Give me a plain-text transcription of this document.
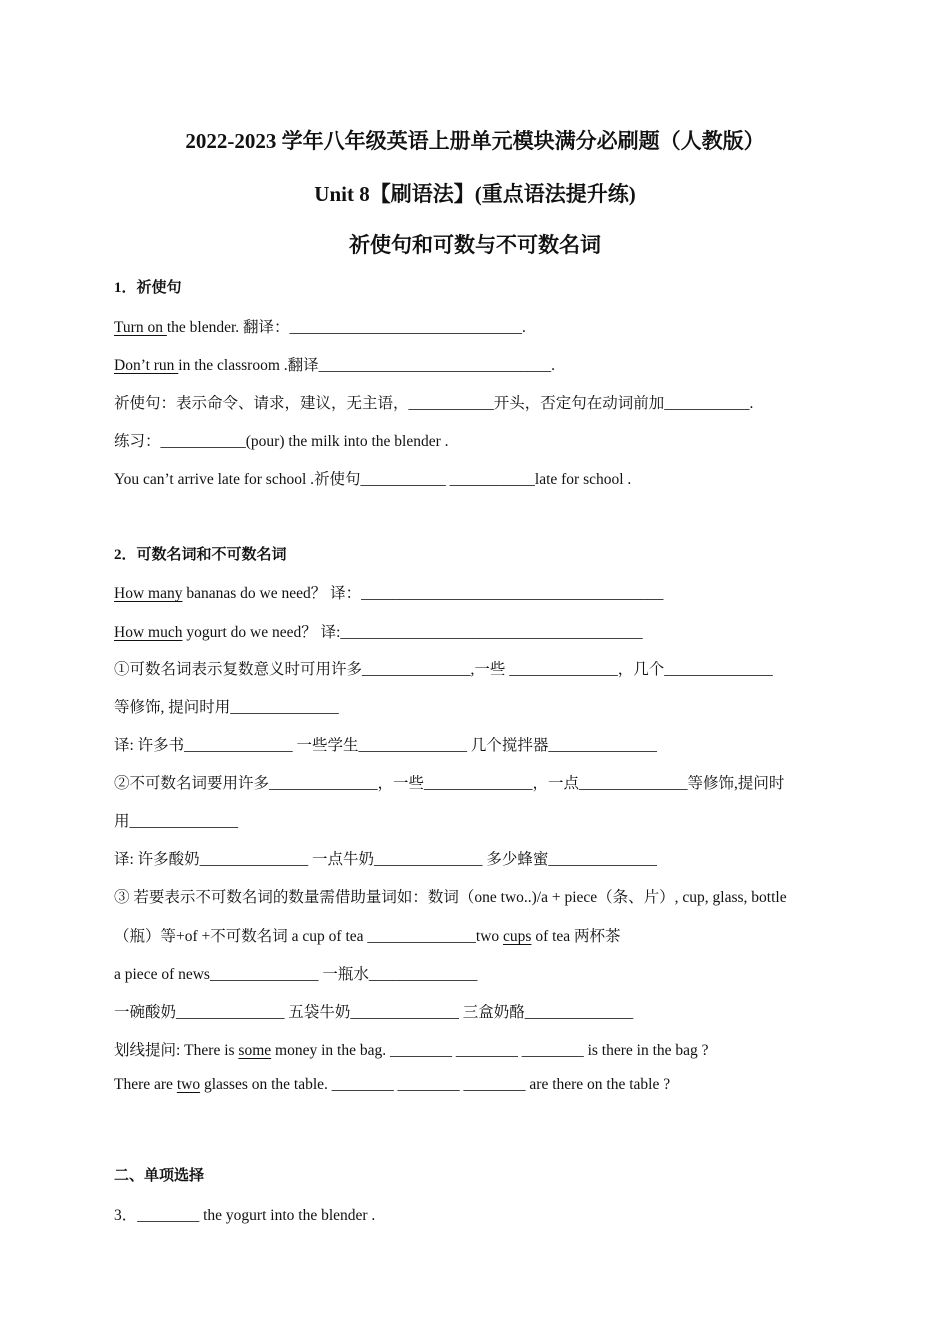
2022-2023 学年八年级英语上册单元模块满分必刷题（人教版）
Unit 8【刷语法】(重点语法提升练)
祈使句和可数与不可数名词
1．祈使句
Turn on the blender. 翻译：______________________________.
Don’t run in the classroom .翻译______________________________.
祈使句：表示命令、请求，建议，无主语，___________开头，否定句在动词前加___________.
练习：___________(pour) the milk into the blender .
You can’t arrive late for school .祈使句___________ ___________late for school .
2．可数名词和不可数名词
How many bananas do we need？ 译：_______________________________________
How much yogurt do we need？ 译:_______________________________________
①可数名词表示复数意义时可用许多______________,一些 ______________，几个______________
等修饰, 提问时用______________
译: 许多书______________ 一些学生______________ 几个搅拌器______________
②不可数名词要用许多______________，一些______________，一点______________等修饰,提问时
用______________
译: 许多酸奶______________ 一点牛奶______________ 多少蜂蜜______________
③ 若要表示不可数名词的数量需借助量词如：数词（one two..)/a + piece（条、片）, cup, glass, bottle
（瓶）等+of +不可数名词 a cup of tea ______________two cups of tea 两杯茶
a piece of news______________ 一瓶水______________
一碗酸奶______________ 五袋牛奶______________ 三盒奶酪______________
划线提问: There is some money in the bag. ________ ________ ________ is there in the bag ?
There are two glasses on the table. ________ ________ ________ are there on the table ?
二、单项选择
3．________ the yogurt into the blender .
